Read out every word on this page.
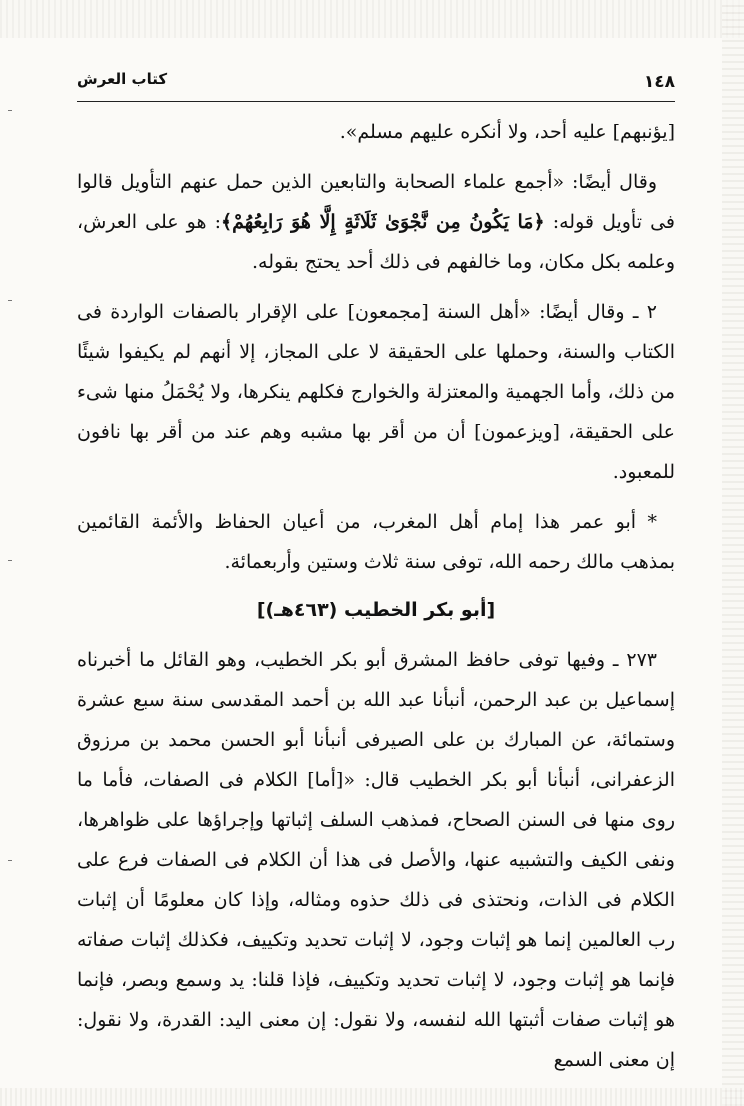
١٤٨
كتاب العرش

[يؤنبهم] عليه أحد، ولا أنكره عليهم مسلم».

وقال أيضًا: «أجمع علماء الصحابة والتابعين الذين حمل عنهم التأويل قالوا فى تأويل قوله: ﴿مَا يَكُونُ مِن نَّجْوَىٰ ثَلَاثَةٍ إِلَّا هُوَ رَابِعُهُمْ﴾: هو على العرش، وعلمه بكل مكان، وما خالفهم فى ذلك أحد يحتج بقوله.

٢ ـ وقال أيضًا: «أهل السنة [مجمعون] على الإقرار بالصفات الواردة فى الكتاب والسنة، وحملها على الحقيقة لا على المجاز، إلا أنهم لم يكيفوا شيئًا من ذلك، وأما الجهمية والمعتزلة والخوارج فكلهم ينكرها، ولا يُحْمَلُ منها شىء على الحقيقة، [ويزعمون] أن من أقر بها مشبه وهم عند من أقر بها نافون للمعبود.

* أبو عمر هذا إمام أهل المغرب، من أعيان الحفاظ والأئمة القائمين بمذهب مالك رحمه الله، توفى سنة ثلاث وستين وأربعمائة.

[أبو بكر الخطيب (٤٦٣هـ)]

٢٧٣ ـ وفيها توفى حافظ المشرق أبو بكر الخطيب، وهو القائل ما أخبرناه إسماعيل بن عبد الرحمن، أنبأنا عبد الله بن أحمد المقدسى سنة سبع عشرة وستمائة، عن المبارك بن على الصيرفى أنبأنا أبو الحسن محمد بن مرزوق الزعفرانى، أنبأنا أبو بكر الخطيب قال: «[أما] الكلام فى الصفات، فأما ما روى منها فى السنن الصحاح، فمذهب السلف إثباتها وإجراؤها على ظواهرها، ونفى الكيف والتشبيه عنها، والأصل فى هذا أن الكلام فى الصفات فرع على الكلام فى الذات، ونحتذى فى ذلك حذوه ومثاله، وإذا كان معلومًا أن إثبات رب العالمين إنما هو إثبات وجود، لا إثبات تحديد وتكييف، فكذلك إثبات صفاته فإنما هو إثبات وجود، لا إثبات تحديد وتكييف، فإذا قلنا: يد وسمع وبصر، فإنما هو إثبات صفات أثبتها الله لنفسه، ولا نقول: إن معنى اليد: القدرة، ولا نقول: إن معنى السمع
